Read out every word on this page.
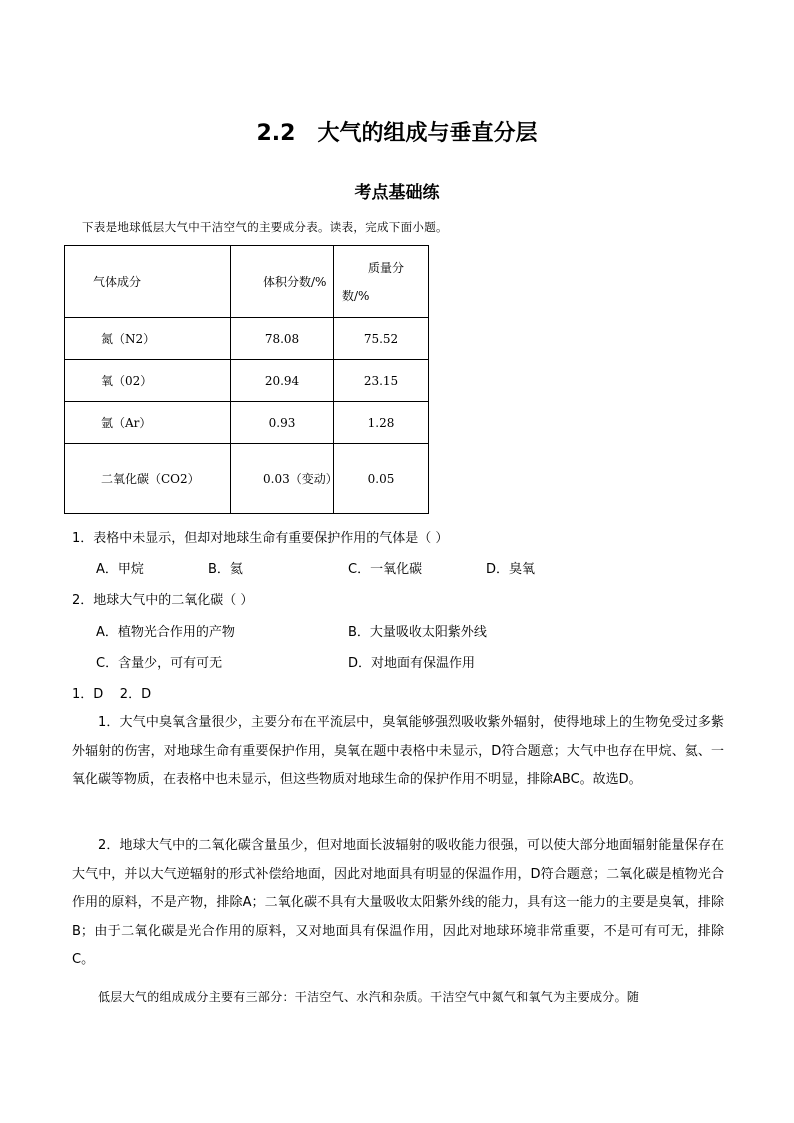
2.2 大气的组成与垂直分层
考点基础练
下表是地球低层大气中干洁空气的主要成分表。读表，完成下面小题。
气体成分	体积分数/%	质量分数/%

氮（N2）	78.08	75.52
氧（02）	20.94	23.15
氩（Ar）	0.93	1.28

二氧化碳（CO2）	0.03（变动）	0.05
1．表格中未显示，但却对地球生命有重要保护作用的气体是（ ）
A．甲烷	B．氦	C．一氧化碳	D．臭氧
2．地球大气中的二氧化碳（ ）
A．植物光合作用的产物	B．大量吸收太阳紫外线
C．含量少，可有可无	D．对地面有保温作用
1．D    2．D
1．大气中臭氧含量很少，主要分布在平流层中，臭氧能够强烈吸收紫外辐射，使得地球上的生物免受过多紫外辐射的伤害，对地球生命有重要保护作用，臭氧在题中表格中未显示，D符合题意；大气中也存在甲烷、氦、一氧化碳等物质，在表格中也未显示，但这些物质对地球生命的保护作用不明显，排除ABC。故选D。
2．地球大气中的二氧化碳含量虽少，但对地面长波辐射的吸收能力很强，可以使大部分地面辐射能量保存在大气中，并以大气逆辐射的形式补偿给地面，因此对地面具有明显的保温作用，D符合题意；二氧化碳是植物光合作用的原料，不是产物，排除A；二氧化碳不具有大量吸收太阳紫外线的能力，具有这一能力的主要是臭氧，排除B；由于二氧化碳是光合作用的原料，又对地面具有保温作用，因此对地球环境非常重要，不是可有可无，排除C。
低层大气的组成成分主要有三部分：干洁空气、水汽和杂质。干洁空气中氮气和氧气为主要成分。随
